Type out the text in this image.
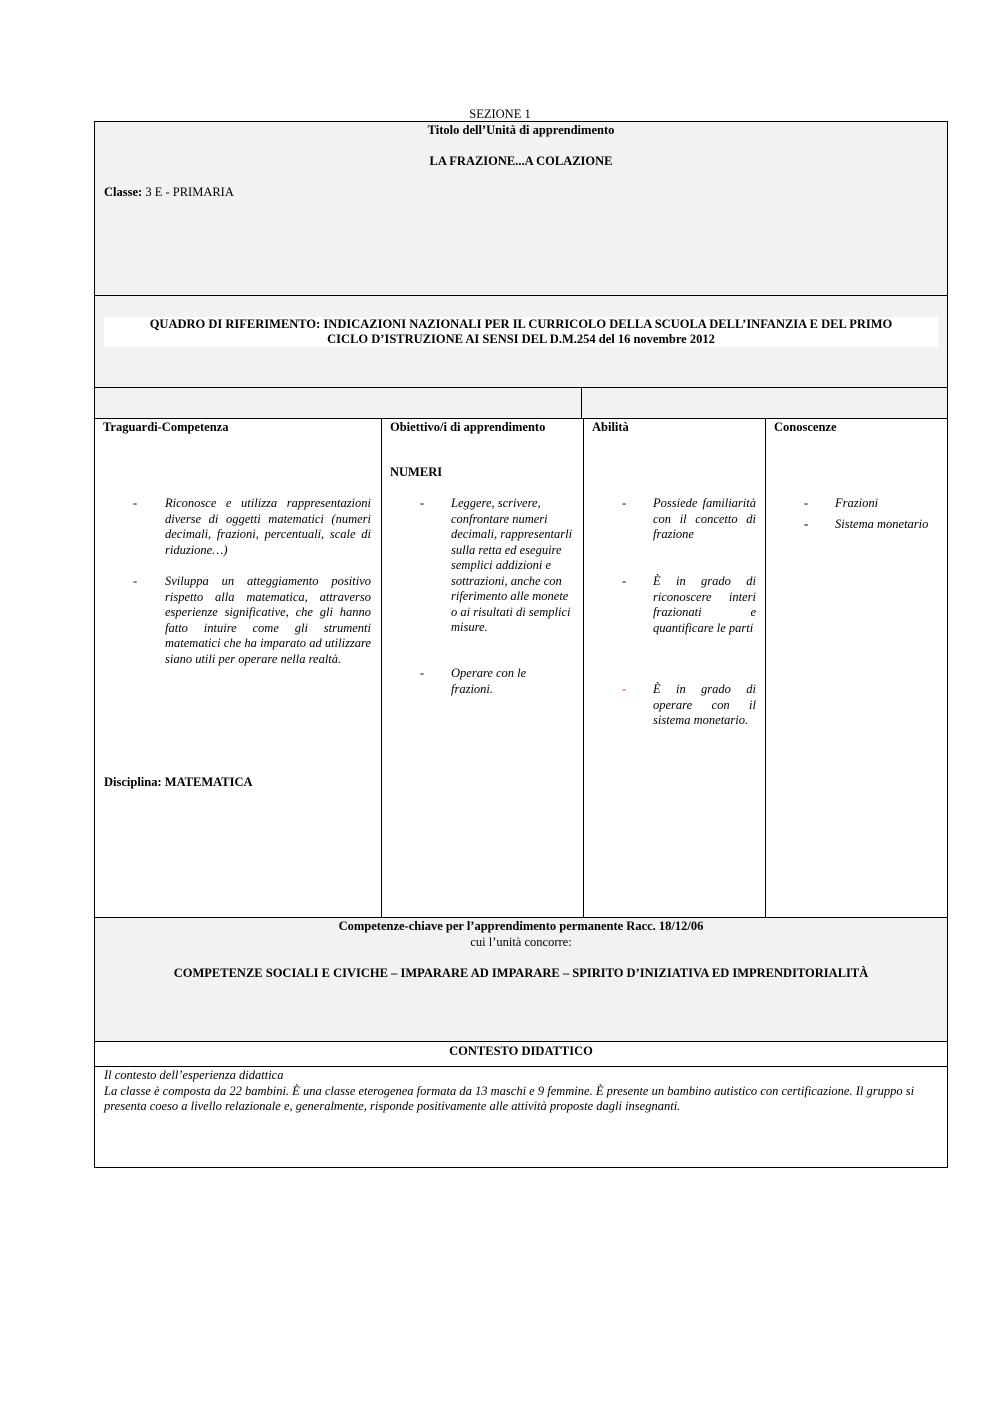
SEZIONE 1
Titolo dell’Unità di apprendimento
LA FRAZIONE...A COLAZIONE
Classe: 3 E - PRIMARIA
QUADRO DI RIFERIMENTO: INDICAZIONI NAZIONALI PER IL CURRICOLO DELLA SCUOLA DELL’INFANZIA E DEL PRIMO
CICLO D’ISTRUZIONE AI SENSI DEL D.M.254 del 16 novembre 2012
Traguardi-Competenza
- Riconosce e utilizza rappresentazioni diverse di oggetti matematici (numeri decimali, frazioni, percentuali, scale di riduzione…)
- Sviluppa un atteggiamento positivo rispetto alla matematica, attraverso esperienze significative, che gli hanno fatto intuire come gli strumenti matematici che ha imparato ad utilizzare siano utili per operare nella realtà.
Disciplina: MATEMATICA
Obiettivo/i di apprendimento
NUMERI
- Leggere, scrivere, confrontare numeri decimali, rappresentarli sulla retta ed eseguire semplici addizioni e sottrazioni, anche con riferimento alle monete o ai risultati di semplici misure.
- Operare con le frazioni.
Abilità
- Possiede familiarità con il concetto di frazione
- È in grado di riconoscere interi frazionati e quantificare le parti
- È in grado di operare con il sistema monetario.
Conoscenze
- Frazioni
- Sistema monetario
Competenze-chiave per l’apprendimento permanente Racc. 18/12/06
cui l’unità concorre:
COMPETENZE SOCIALI E CIVICHE – IMPARARE AD IMPARARE – SPIRITO D’INIZIATIVA ED IMPRENDITORIALITÀ
CONTESTO DIDATTICO
Il contesto dell’esperienza didattica
La classe è composta da 22 bambini. È una classe eterogenea formata da 13 maschi e 9 femmine. È presente un bambino autistico con certificazione. Il gruppo si presenta coeso a livello relazionale e, generalmente, risponde positivamente alle attività proposte dagli insegnanti.
